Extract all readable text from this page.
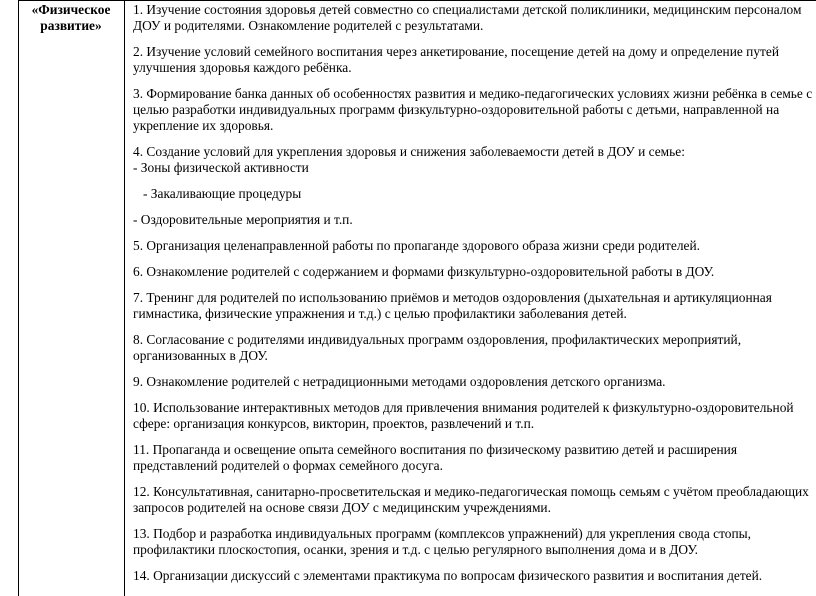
«Физическое развитие»
1. Изучение состояния здоровья детей совместно со специалистами детской поликлиники, медицинским персоналом
ДОУ и родителями. Ознакомление родителей с результатами.
2. Изучение условий семейного воспитания через анкетирование, посещение детей на дому и определение путей
улучшения здоровья каждого ребёнка.
3. Формирование банка данных об особенностях развития и медико-педагогических условиях жизни ребёнка в семье с
целью разработки индивидуальных программ физкультурно-оздоровительной работы с детьми, направленной на
укрепление их здоровья.
4. Создание условий для укрепления здоровья и снижения заболеваемости детей в ДОУ и семье:
- Зоны физической активности
- Закаливающие процедуры
- Оздоровительные мероприятия и т.п.
5. Организация целенаправленной работы по пропаганде здорового образа жизни среди родителей.
6. Ознакомление родителей с содержанием и формами физкультурно-оздоровительной работы в ДОУ.
7. Тренинг для родителей по использованию приёмов и методов оздоровления (дыхательная и артикуляционная
гимнастика, физические упражнения и т.д.) с целью профилактики заболевания детей.
8. Согласование с родителями индивидуальных программ оздоровления, профилактических мероприятий,
организованных в ДОУ.
9. Ознакомление родителей с нетрадиционными методами оздоровления детского организма.
10. Использование интерактивных методов для привлечения внимания родителей к физкультурно-оздоровительной
сфере: организация конкурсов, викторин, проектов, развлечений и т.п.
11. Пропаганда и освещение опыта семейного воспитания по физическому развитию детей и расширения
представлений родителей о формах семейного досуга.
12. Консультативная, санитарно-просветительская и медико-педагогическая помощь семьям с учётом преобладающих
запросов родителей на основе связи ДОУ с медицинским учреждениями.
13. Подбор и разработка индивидуальных программ (комплексов упражнений) для укрепления свода стопы,
профилактики плоскостопия, осанки, зрения и т.д. с целью регулярного выполнения дома и в ДОУ.
14. Организации дискуссий с элементами практикума по вопросам физического развития и воспитания детей.
